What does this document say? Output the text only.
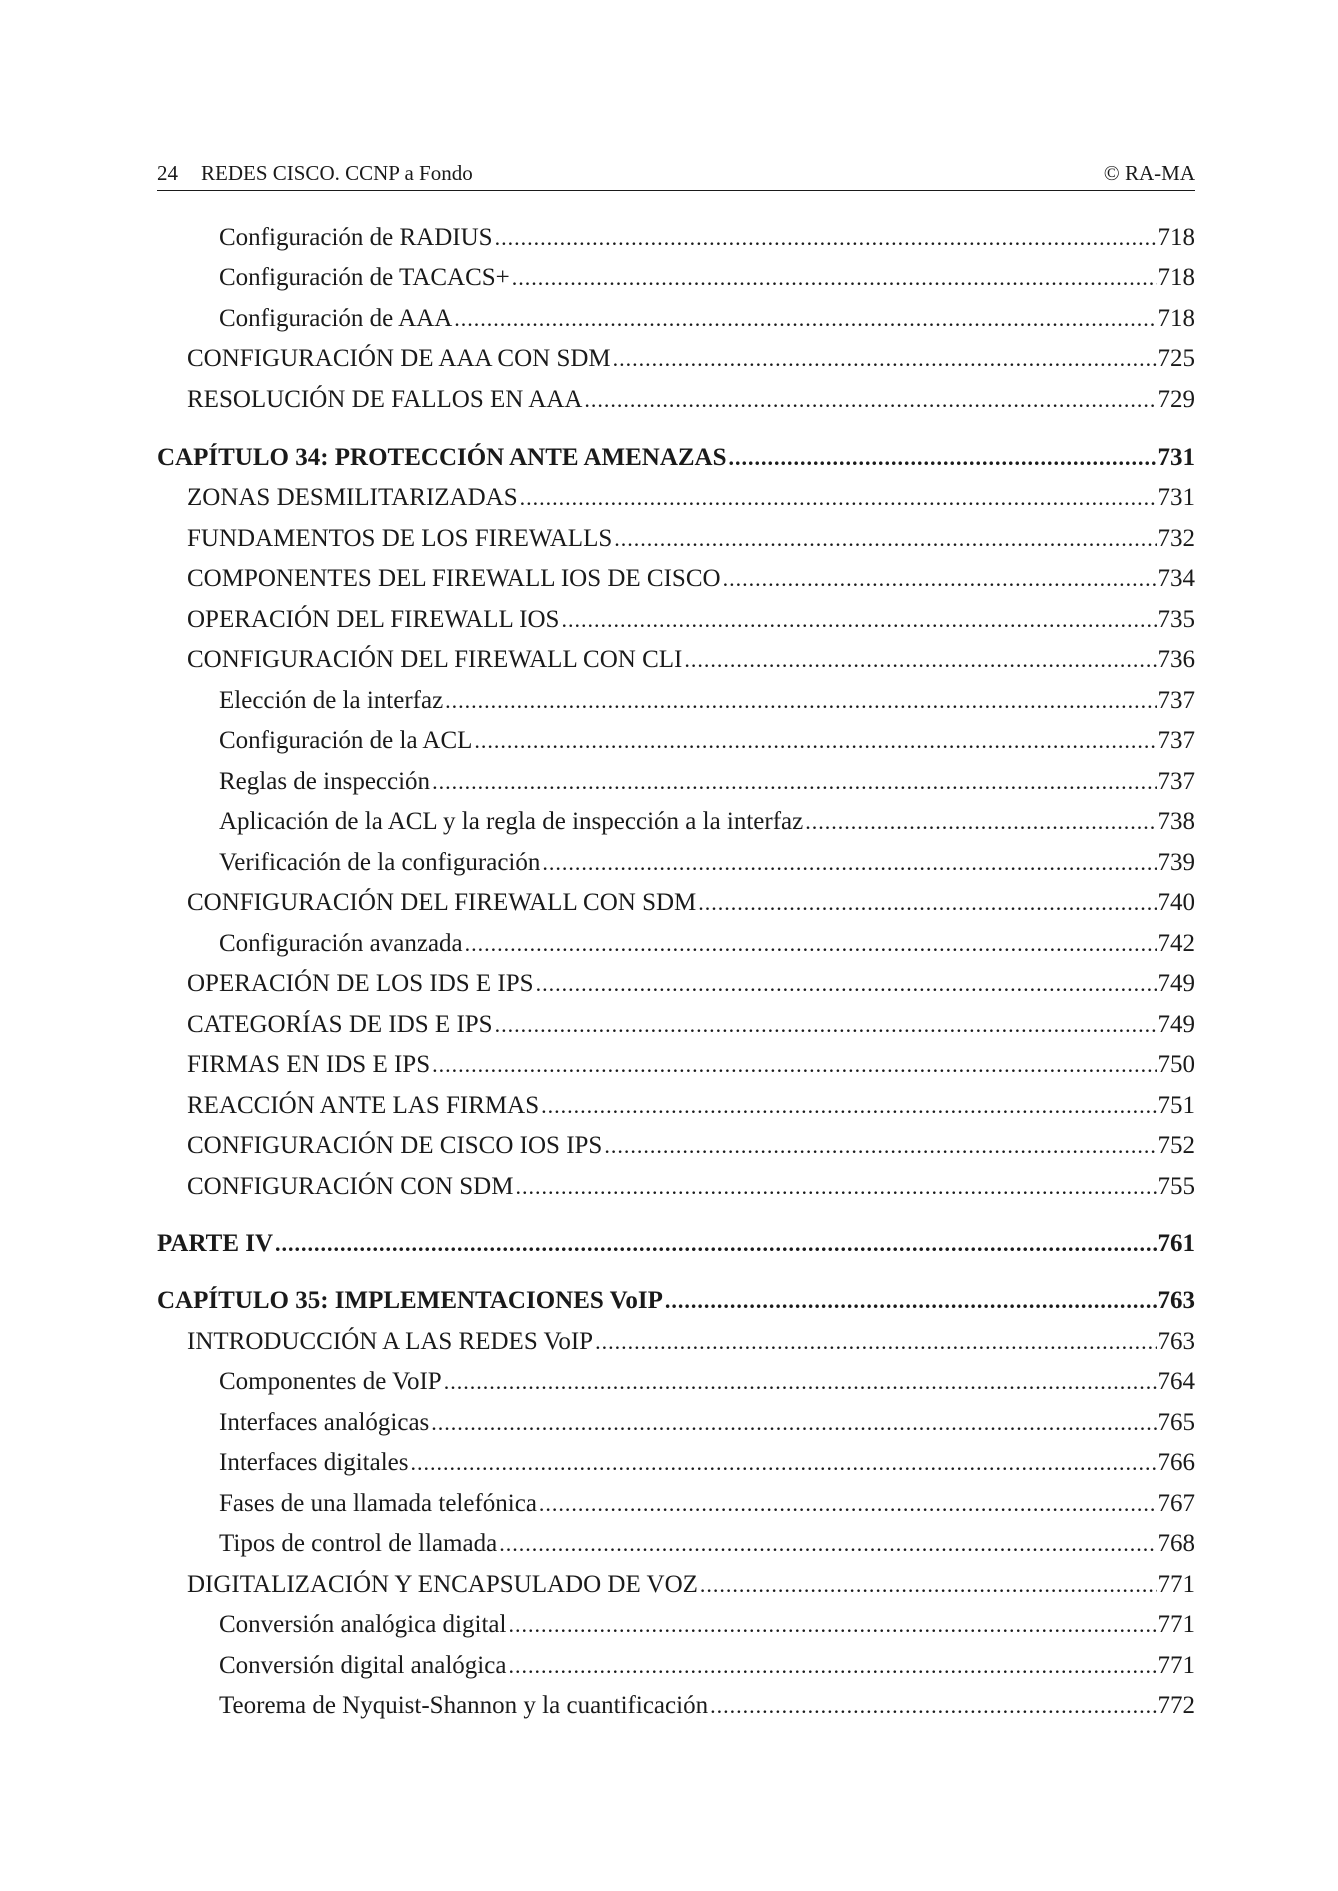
24 REDES CISCO. CCNP a Fondo	© RA-MA
Configuración de RADIUS .....	718
Configuración de TACACS+ .....	718
Configuración de AAA .....	718
CONFIGURACIÓN DE AAA CON SDM .....	725
RESOLUCIÓN DE FALLOS EN AAA .....	729
CAPÍTULO 34: PROTECCIÓN ANTE AMENAZAS .....	731
ZONAS DESMILITARIZADAS .....	731
FUNDAMENTOS DE LOS FIREWALLS .....	732
COMPONENTES DEL FIREWALL IOS DE CISCO .....	734
OPERACIÓN DEL FIREWALL IOS .....	735
CONFIGURACIÓN DEL FIREWALL CON CLI .....	736
Elección de la interfaz .....	737
Configuración de la ACL .....	737
Reglas de inspección .....	737
Aplicación de la ACL y la regla de inspección a la interfaz .....	738
Verificación de la configuración .....	739
CONFIGURACIÓN DEL FIREWALL CON SDM .....	740
Configuración avanzada .....	742
OPERACIÓN DE LOS IDS E IPS .....	749
CATEGORÍAS DE IDS E IPS .....	749
FIRMAS EN IDS E IPS .....	750
REACCIÓN ANTE LAS FIRMAS .....	751
CONFIGURACIÓN DE CISCO IOS IPS .....	752
CONFIGURACIÓN CON SDM .....	755
PARTE IV .....	761
CAPÍTULO 35: IMPLEMENTACIONES VoIP .....	763
INTRODUCCIÓN A LAS REDES VoIP .....	763
Componentes de VoIP .....	764
Interfaces analógicas .....	765
Interfaces digitales .....	766
Fases de una llamada telefónica .....	767
Tipos de control de llamada .....	768
DIGITALIZACIÓN Y ENCAPSULADO DE VOZ .....	771
Conversión analógica digital .....	771
Conversión digital analógica .....	771
Teorema de Nyquist-Shannon y la cuantificación .....	772
